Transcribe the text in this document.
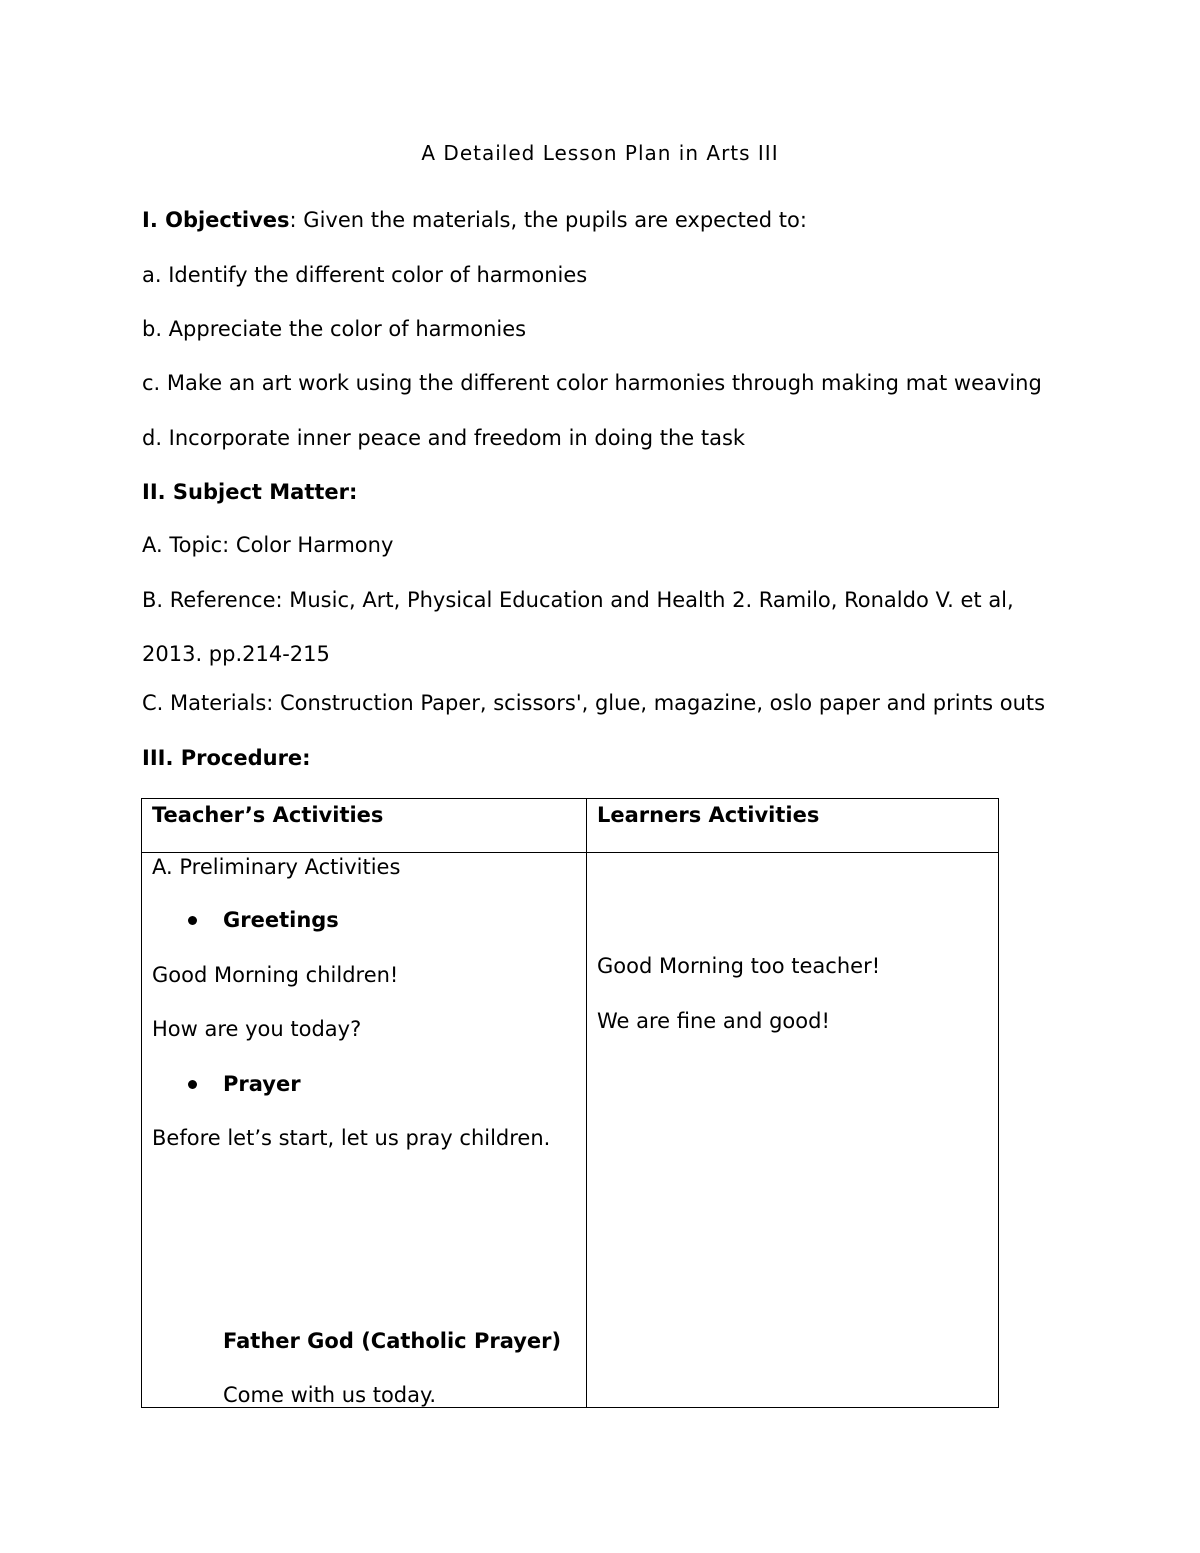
A Detailed Lesson Plan in Arts III
I. Objectives: Given the materials, the pupils are expected to:
a. Identify the different color of harmonies
b. Appreciate the color of harmonies
c. Make an art work using the different color harmonies through making mat weaving
d. Incorporate inner peace and freedom in doing the task
II. Subject Matter:
A. Topic: Color Harmony
B. Reference: Music, Art, Physical Education and Health 2. Ramilo, Ronaldo V. et al,
2013. pp.214-215
C. Materials: Construction Paper, scissors', glue, magazine, oslo paper and prints outs
III. Procedure:
Teacher’s Activities	Learners Activities
A. Preliminary Activities
Greetings
Good Morning children!
How are you today?
Prayer
Before let’s start, let us pray children.
Father God (Catholic Prayer)
Come with us today.
Good Morning too teacher!
We are fine and good!
